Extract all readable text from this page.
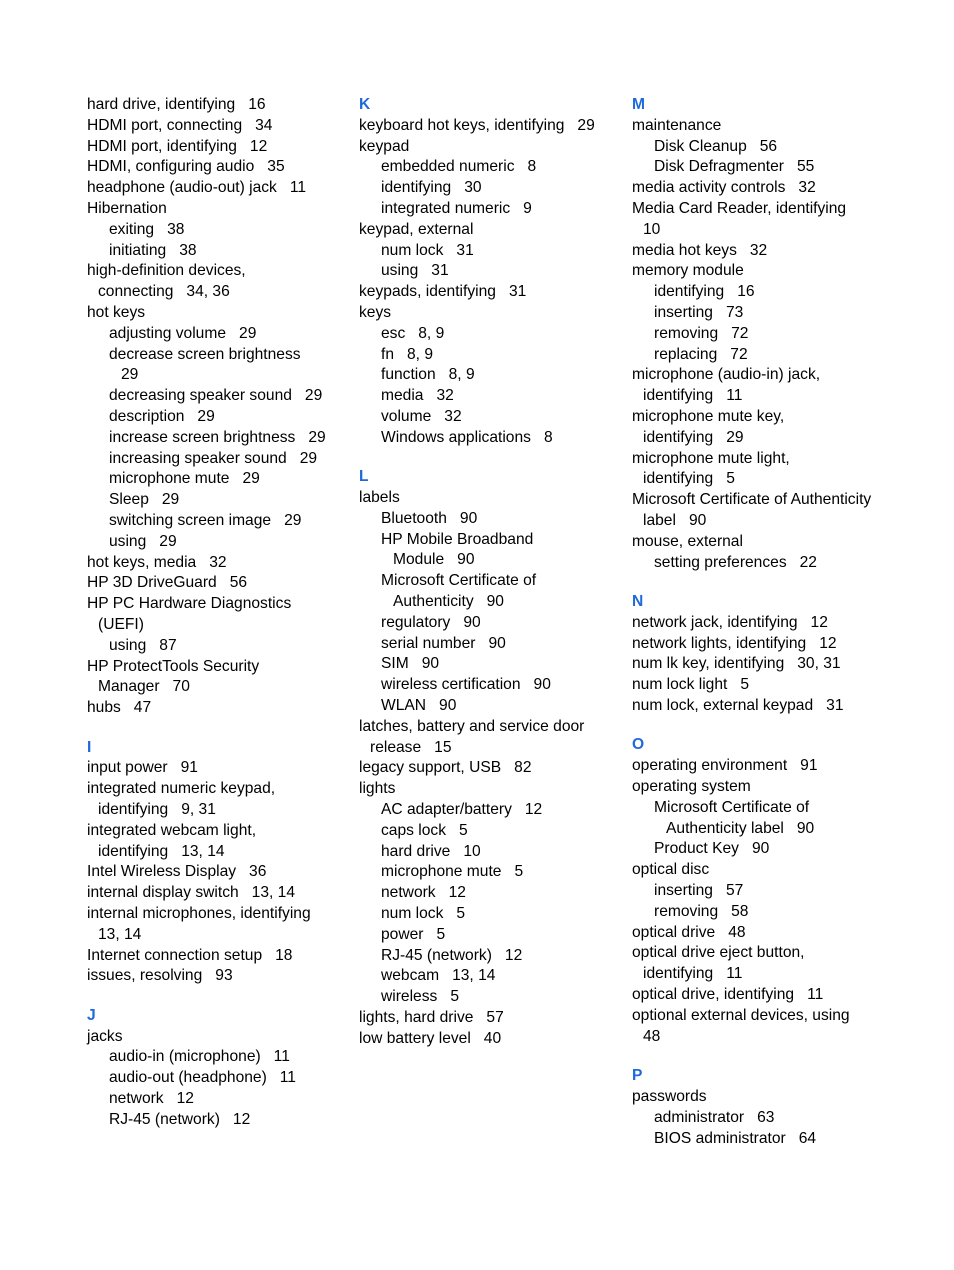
hard drive, identifying   16
HDMI port, connecting   34
HDMI port, identifying   12
HDMI, configuring audio   35
headphone (audio-out) jack   11
Hibernation
exiting   38
initiating   38
high-definition devices,
connecting   34, 36
hot keys
adjusting volume   29
decrease screen brightness
29
decreasing speaker sound   29
description   29
increase screen brightness   29
increasing speaker sound   29
microphone mute   29
Sleep   29
switching screen image   29
using   29
hot keys, media   32
HP 3D DriveGuard   56
HP PC Hardware Diagnostics
(UEFI)
using   87
HP ProtectTools Security
Manager   70
hubs   47
I
input power   91
integrated numeric keypad,
identifying   9, 31
integrated webcam light,
identifying   13, 14
Intel Wireless Display   36
internal display switch   13, 14
internal microphones, identifying
13, 14
Internet connection setup   18
issues, resolving   93
J
jacks
audio-in (microphone)   11
audio-out (headphone)   11
network   12
RJ-45 (network)   12
K
keyboard hot keys, identifying   29
keypad
embedded numeric   8
identifying   30
integrated numeric   9
keypad, external
num lock   31
using   31
keypads, identifying   31
keys
esc   8, 9
fn   8, 9
function   8, 9
media   32
volume   32
Windows applications   8
L
labels
Bluetooth   90
HP Mobile Broadband
Module   90
Microsoft Certificate of
Authenticity   90
regulatory   90
serial number   90
SIM   90
wireless certification   90
WLAN   90
latches, battery and service door
release   15
legacy support, USB   82
lights
AC adapter/battery   12
caps lock   5
hard drive   10
microphone mute   5
network   12
num lock   5
power   5
RJ-45 (network)   12
webcam   13, 14
wireless   5
lights, hard drive   57
low battery level   40
M
maintenance
Disk Cleanup   56
Disk Defragmenter   55
media activity controls   32
Media Card Reader, identifying
10
media hot keys   32
memory module
identifying   16
inserting   73
removing   72
replacing   72
microphone (audio-in) jack,
identifying   11
microphone mute key,
identifying   29
microphone mute light,
identifying   5
Microsoft Certificate of Authenticity
label   90
mouse, external
setting preferences   22
N
network jack, identifying   12
network lights, identifying   12
num lk key, identifying   30, 31
num lock light   5
num lock, external keypad   31
O
operating environment   91
operating system
Microsoft Certificate of
Authenticity label   90
Product Key   90
optical disc
inserting   57
removing   58
optical drive   48
optical drive eject button,
identifying   11
optical drive, identifying   11
optional external devices, using
48
P
passwords
administrator   63
BIOS administrator   64
